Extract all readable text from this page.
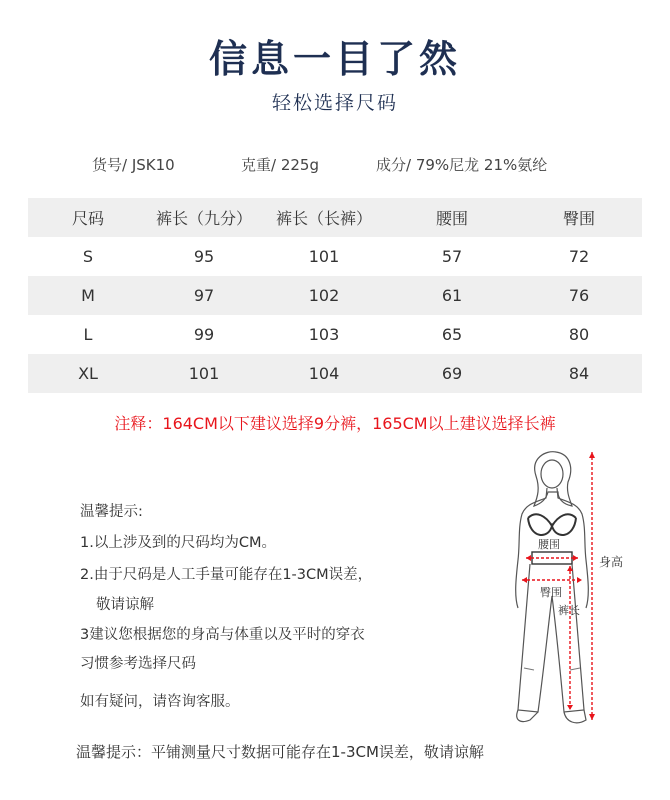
信息一目了然
轻松选择尺码
货号/ JSK10	克重/ 225g	成分/ 79%尼龙 21%氨纶
尺码	裤长（九分）	裤长（长裤）	腰围	臀围
S	95	101	57	72
M	97	102	61	76
L	99	103	65	80
XL	101	104	69	84
注释：164CM以下建议选择9分裤，165CM以上建议选择长裤
温馨提示:
1.以上涉及到的尺码均为CM。
2.由于尺码是人工手量可能存在1-3CM误差，
敬请谅解
3建议您根据您的身高与体重以及平时的穿衣
习惯参考选择尺码
如有疑问，请咨询客服。
腰围
臀围
裤长
身高
温馨提示：平铺测量尺寸数据可能存在1-3CM误差，敬请谅解
